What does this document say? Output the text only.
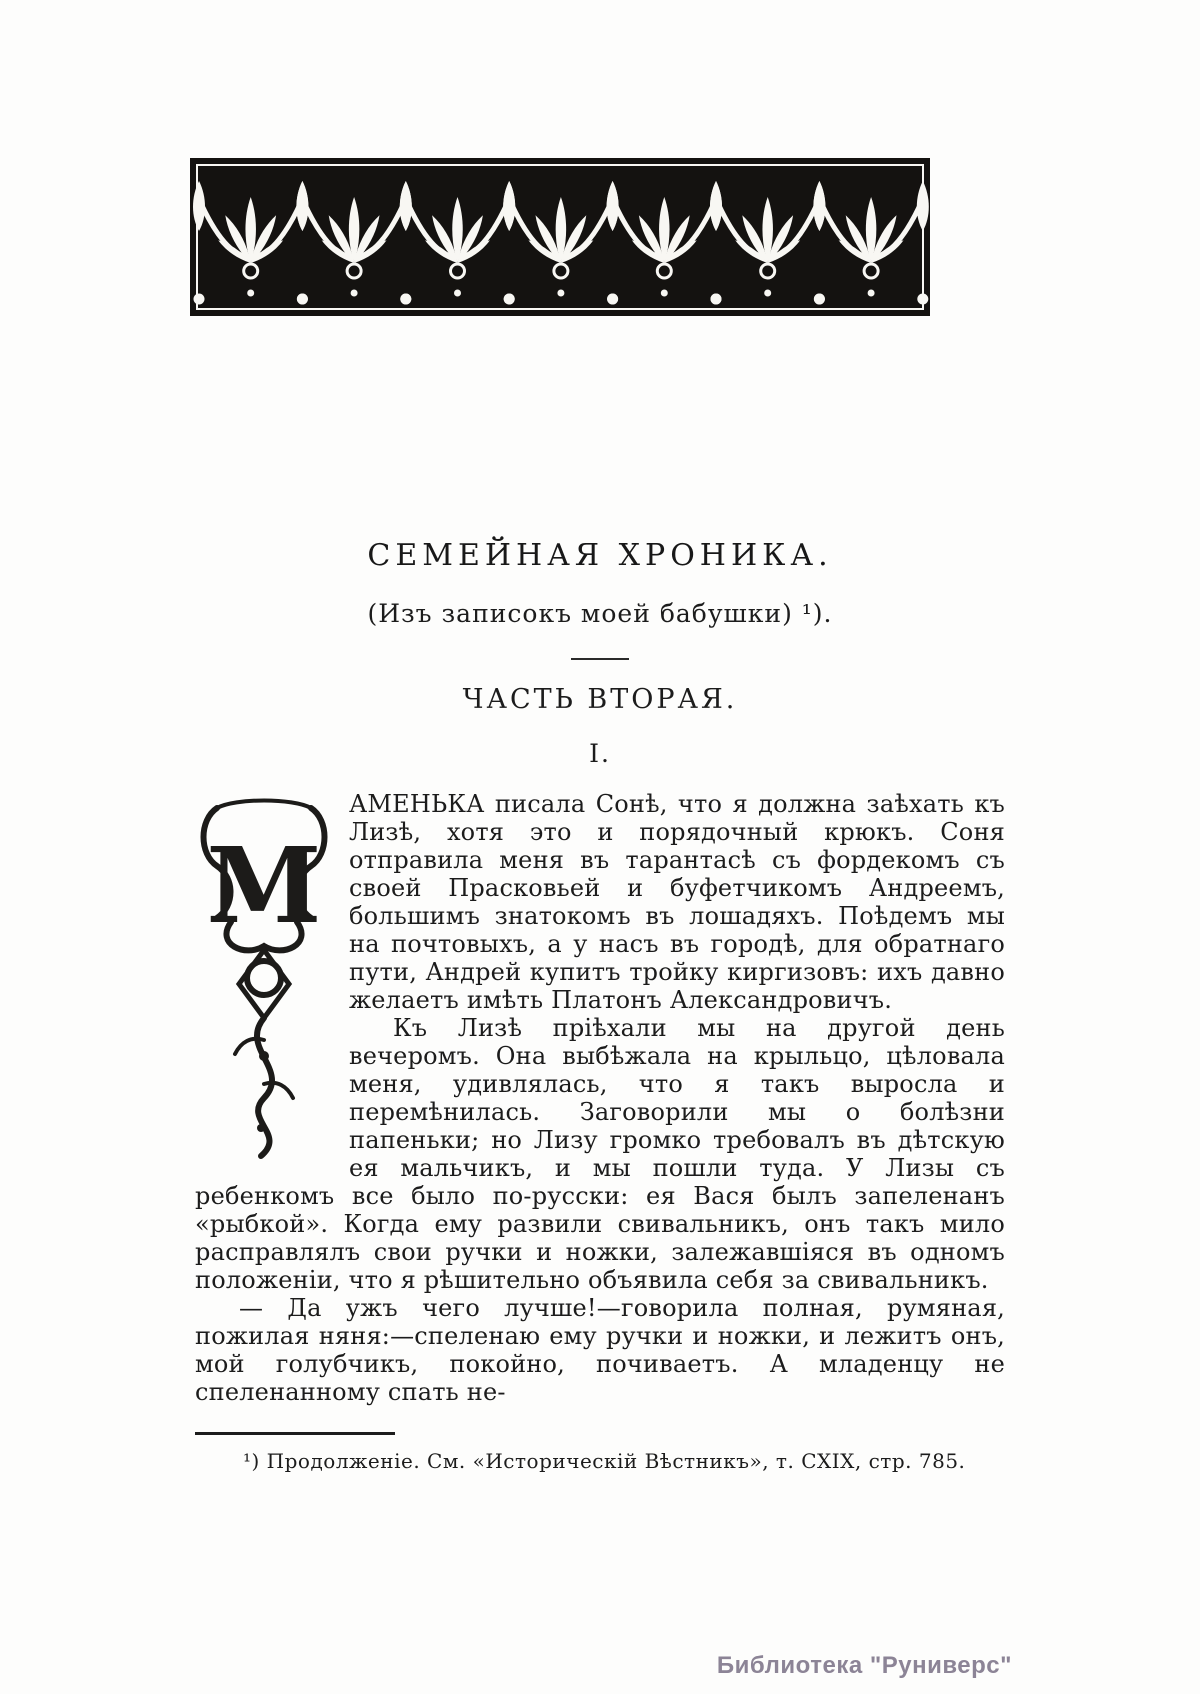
СЕМЕЙНАЯ ХРОНИКА.
(Изъ записокъ моей бабушки) ¹).
ЧАСТЬ ВТОРАЯ.
I.
М

АМЕНЬКА писала Сонѣ, что я должна заѣхать къ Лизѣ, хотя это и порядочный крюкъ. Соня отправила меня въ тарантасѣ съ фордекомъ съ своей Прасковьей и буфетчикомъ Андреемъ, большимъ знатокомъ въ лошадяхъ. Поѣдемъ мы на почтовыхъ, а у насъ въ городѣ, для обратнаго пути, Андрей купитъ тройку киргизовъ: ихъ давно желаетъ имѣть Платонъ Александровичъ.

Къ Лизѣ пріѣхали мы на другой день вечеромъ. Она выбѣжала на крыльцо, цѣловала меня, удивлялась, что я такъ выросла и перемѣнилась. Заговорили мы о болѣзни папеньки; но Лизу громко требовалъ въ дѣтскую ея мальчикъ, и мы пошли туда. У Лизы съ ребенкомъ все было по-русски: ея Вася былъ запеленанъ «рыбкой». Когда ему развили свивальникъ, онъ такъ мило расправлялъ свои ручки и ножки, залежавшіяся въ одномъ положеніи, что я рѣшительно объявила себя за свивальникъ.

— Да ужъ чего лучше!—говорила полная, румяная, пожилая няня:—спеленаю ему ручки и ножки, и лежитъ онъ, мой голубчикъ, покойно, почиваетъ. А младенцу не спеленанному спать не-

¹) Продолженіе. См. «Историческій Вѣстникъ», т. CXIX, стр. 785.
Библиотека "Руниверс"
